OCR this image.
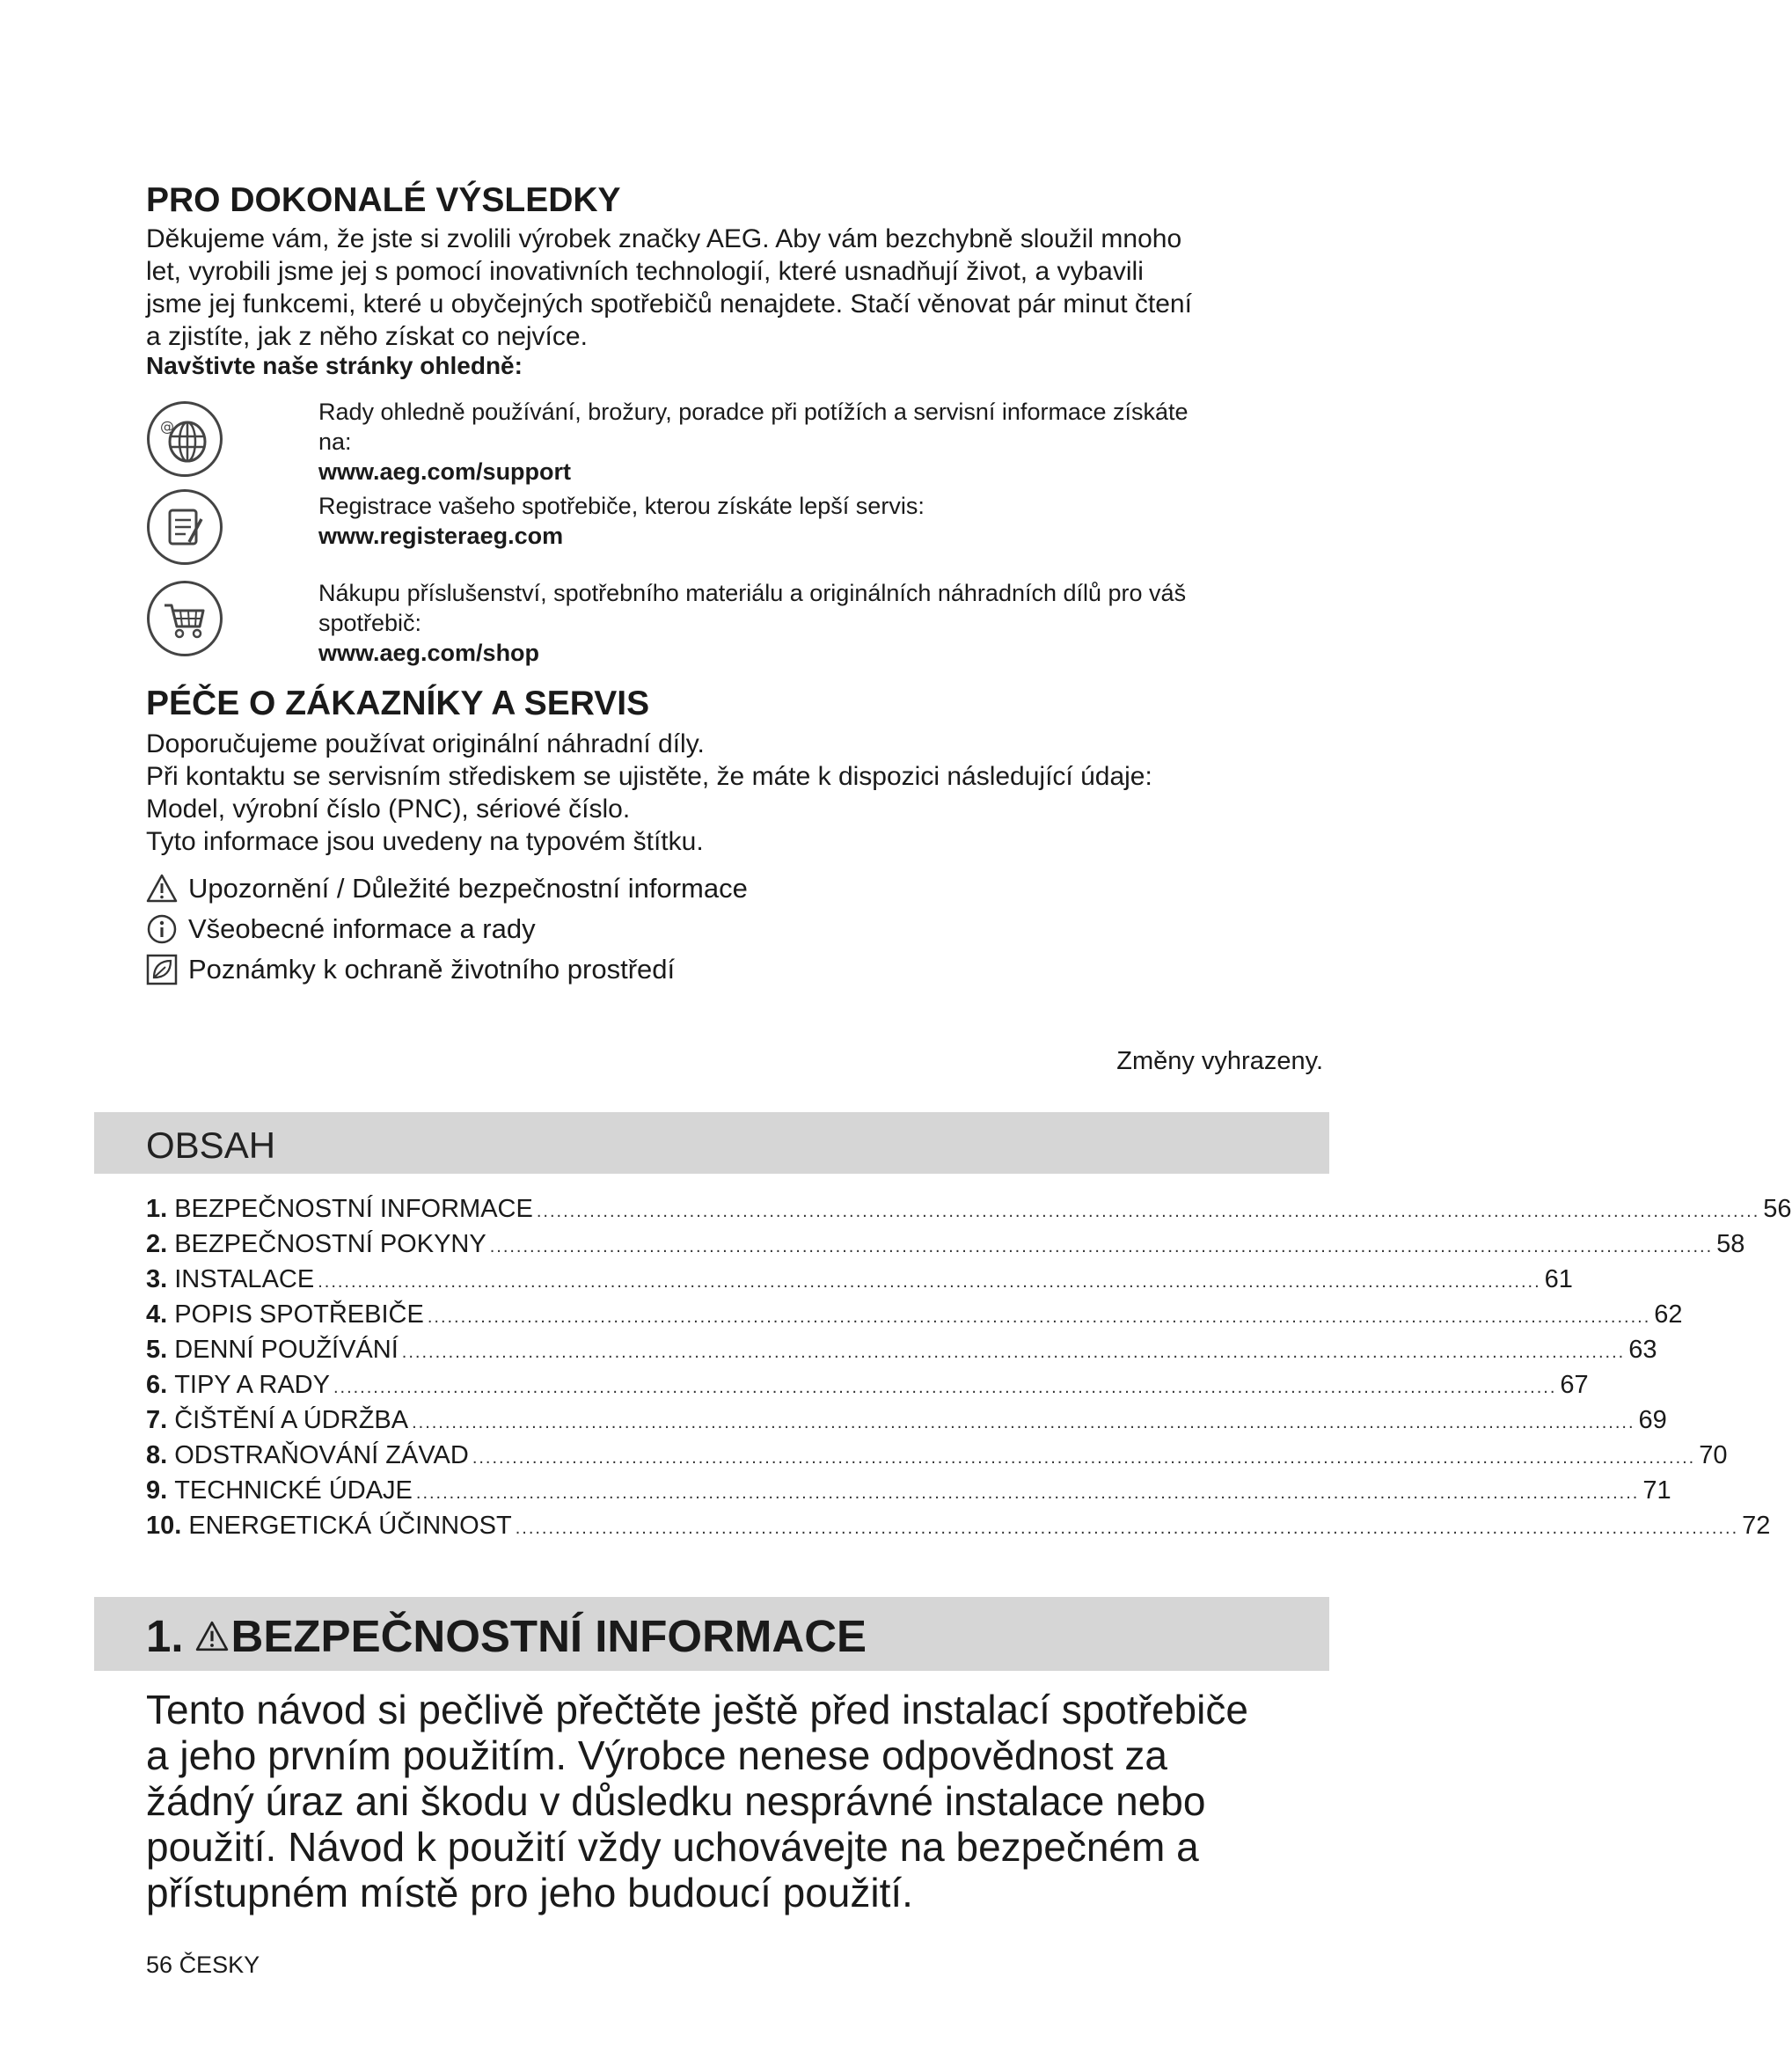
PRO DOKONALÉ VÝSLEDKY
Děkujeme vám, že jste si zvolili výrobek značky AEG. Aby vám bezchybně sloužil mnoho
let, vyrobili jsme jej s pomocí inovativních technologií, které usnadňují život, a vybavili
jsme jej funkcemi, které u obyčejných spotřebičů nenajdete. Stačí věnovat pár minut čtení
a zjistíte, jak z něho získat co nejvíce.
Navštivte naše stránky ohledně:
@
Rady ohledně používání, brožury, poradce při potížích a servisní informace získáte
na:
www.aeg.com/support
Registrace vašeho spotřebiče, kterou získáte lepší servis:
www.registeraeg.com
Nákupu příslušenství, spotřebního materiálu a originálních náhradních dílů pro váš
spotřebič:
www.aeg.com/shop
PÉČE O ZÁKAZNÍKY A SERVIS
Doporučujeme používat originální náhradní díly.
Při kontaktu se servisním střediskem se ujistěte, že máte k dispozici následující údaje:
Model, výrobní číslo (PNC), sériové číslo.
Tyto informace jsou uvedeny na typovém štítku.
Upozornění / Důležité bezpečnostní informace
Všeobecné informace a rady
Poznámky k ochraně životního prostředí
Změny vyhrazeny.
OBSAH
1. BEZPEČNOSTNÍ INFORMACE ........................................................................................................................................................................................ 56
2. BEZPEČNOSTNÍ POKYNY ........................................................................................................................................................................................ 58
3. INSTALACE ........................................................................................................................................................................................ 61
4. POPIS SPOTŘEBIČE ........................................................................................................................................................................................ 62
5. DENNÍ POUŽÍVÁNÍ ........................................................................................................................................................................................ 63
6. TIPY A RADY ........................................................................................................................................................................................ 67
7. ČIŠTĚNÍ A ÚDRŽBA ........................................................................................................................................................................................ 69
8. ODSTRAŇOVÁNÍ ZÁVAD ........................................................................................................................................................................................ 70
9. TECHNICKÉ ÚDAJE ........................................................................................................................................................................................ 71
10. ENERGETICKÁ ÚČINNOST ........................................................................................................................................................................................ 72
1. BEZPEČNOSTNÍ INFORMACE
Tento návod si pečlivě přečtěte ještě před instalací spotřebiče
a jeho prvním použitím. Výrobce nenese odpovědnost za
žádný úraz ani škodu v důsledku nesprávné instalace nebo
použití. Návod k použití vždy uchovávejte na bezpečném a
přístupném místě pro jeho budoucí použití.
56 ČESKY
